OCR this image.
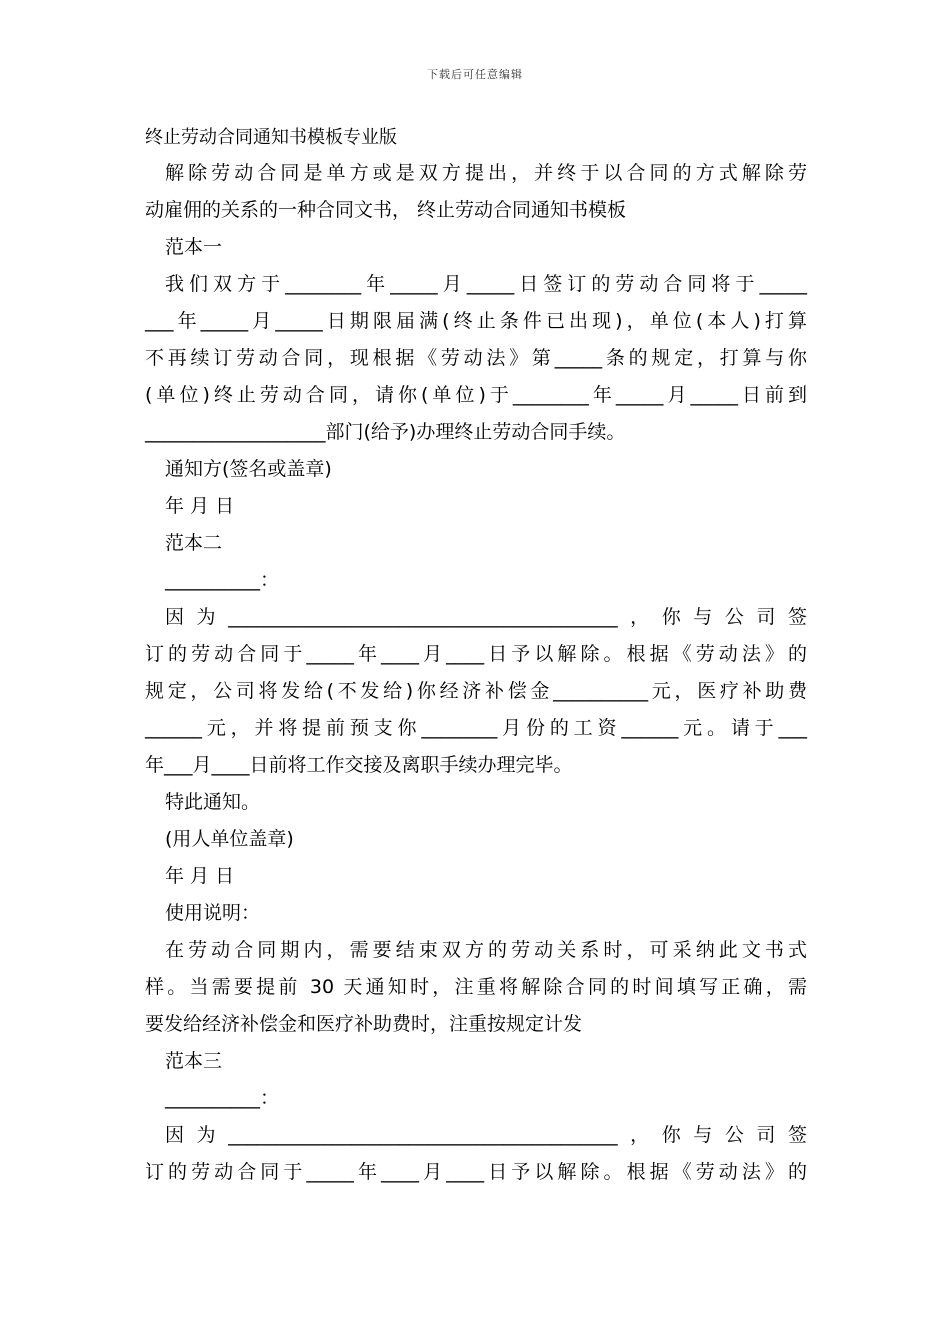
下载后可任意编辑
终止劳动合同通知书模板专业版
解除劳动合同是单方或是双方提出，并终于以合同的方式解除劳
动雇佣的关系的一种合同文书， 终止劳动合同通知书模板
范本一
我们双方于________年_____月_____日签订的劳动合同将于_____
___年_____月_____日期限届满(终止条件已出现)，单位(本人)打算
不再续订劳动合同，现根据《劳动法》第_____条的规定，打算与你
(单位)终止劳动合同，请你(单位)于________年_____月_____日前到
___________________部门(给予)办理终止劳动合同手续。
通知方(签名或盖章)
年 月 日
范本二
__________：
因为_________________________________________，你与公司签
订的劳动合同于_____年____月____日予以解除。根据《劳动法》的
规定，公司将发给(不发给)你经济补偿金__________元，医疗补助费
______元，并将提前预支你________月份的工资______元。请于___
年___月____日前将工作交接及离职手续办理完毕。
特此通知。
(用人单位盖章)
年 月 日
使用说明：
在劳动合同期内，需要结束双方的劳动关系时，可采纳此文书式
样。当需要提前 30 天通知时，注重将解除合同的时间填写正确，需
要发给经济补偿金和医疗补助费时，注重按规定计发
范本三
__________：
因为_________________________________________，你与公司签
订的劳动合同于_____年____月____日予以解除。根据《劳动法》的
